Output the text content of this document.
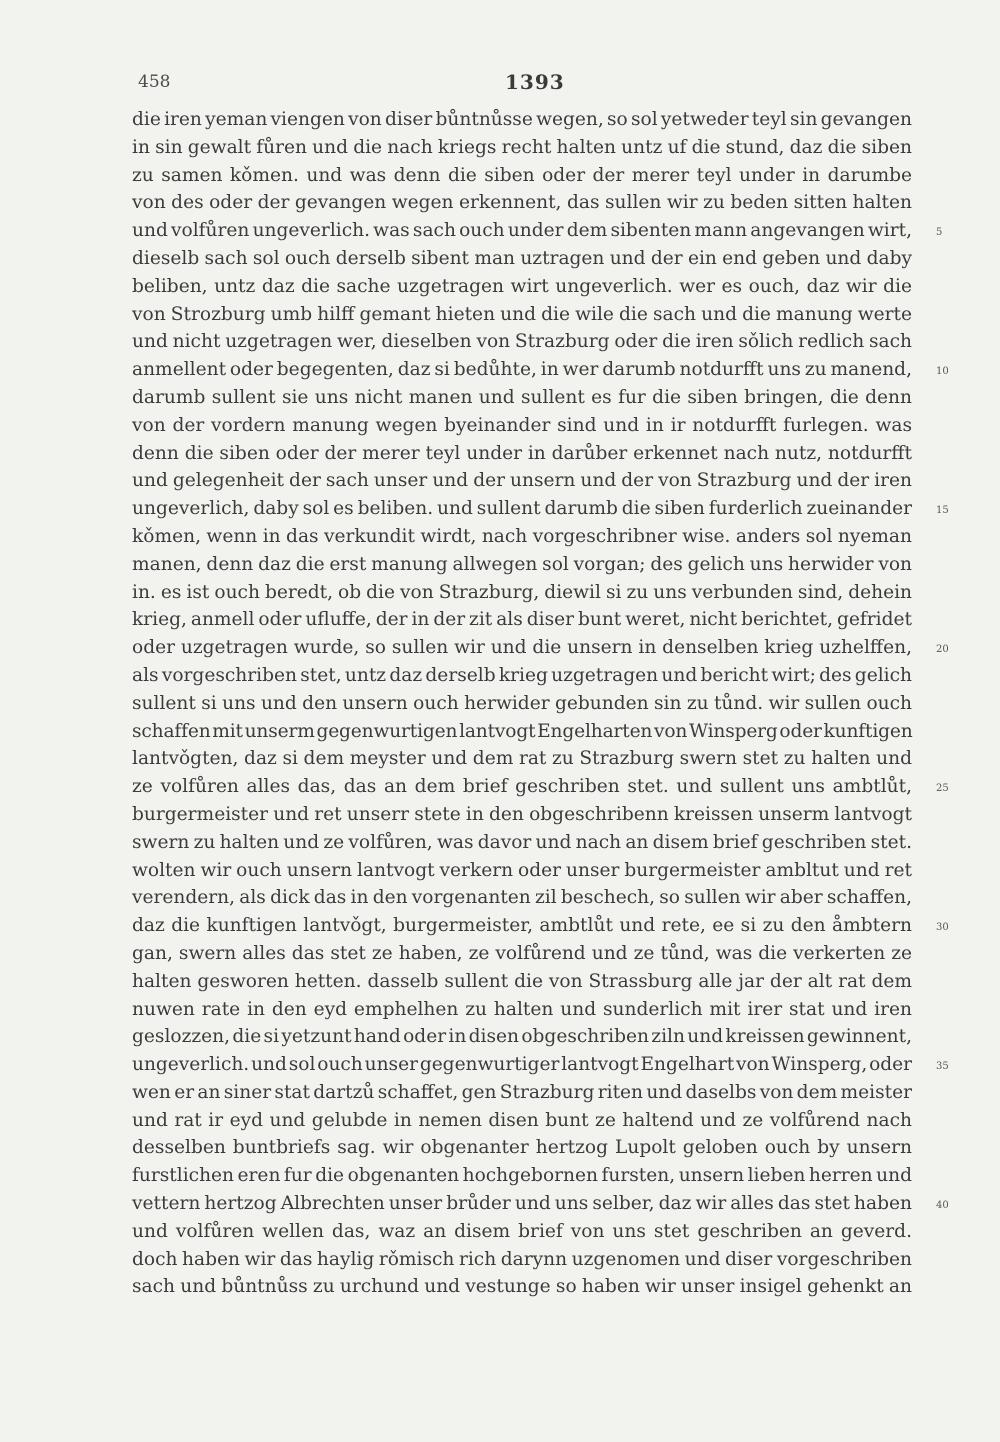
458	1393
die iren yeman viengen von diser bůntnůsse wegen, so sol yetweder teyl sin gevangen
in sin gewalt fůren und die nach kriegs recht halten untz uf die stund, daz die siben
zu samen kǒmen. und was denn die siben oder der merer teyl under in darumbe
von des oder der gevangen wegen erkennent, das sullen wir zu beden sitten halten
und volfůren ungeverlich. was sach ouch under dem sibenten mann angevangen wirt, 5
dieselb sach sol ouch derselb sibent man uztragen und der ein end geben und daby
beliben, untz daz die sache uzgetragen wirt ungeverlich. wer es ouch, daz wir die
von Strozburg umb hilff gemant hieten und die wile die sach und die manung werte
und nicht uzgetragen wer, dieselben von Strazburg oder die iren sǒlich redlich sach
anmellent oder begegenten, daz si bedůhte, in wer darumb notdurfft uns zu manend, 10
darumb sullent sie uns nicht manen und sullent es fur die siben bringen, die denn
von der vordern manung wegen byeinander sind und in ir notdurfft furlegen. was
denn die siben oder der merer teyl under in darůber erkennet nach nutz, notdurfft
und gelegenheit der sach unser und der unsern und der von Strazburg und der iren
ungeverlich, daby sol es beliben. und sullent darumb die siben furderlich zueinander 15
kǒmen, wenn in das verkundit wirdt, nach vorgeschribner wise. anders sol nyeman
manen, denn daz die erst manung allwegen sol vorgan; des gelich uns herwider von
in. es ist ouch beredt, ob die von Strazburg, diewil si zu uns verbunden sind, dehein
krieg, anmell oder ufluffe, der in der zit als diser bunt weret, nicht berichtet, gefridet
oder uzgetragen wurde, so sullen wir und die unsern in denselben krieg uzhelffen, 20
als vorgeschriben stet, untz daz derselb krieg uzgetragen und bericht wirt; des gelich
sullent si uns und den unsern ouch herwider gebunden sin zu tůnd. wir sullen ouch
schaffen mit unserm gegenwurtigen lantvogt Engelharten von Winsperg oder kunftigen
lantvǒgten, daz si dem meyster und dem rat zu Strazburg swern stet zu halten und
ze volfůren alles das, das an dem brief geschriben stet. und sullent uns ambtlůt, 25
burgermeister und ret unserr stete in den obgeschribenn kreissen unserm lantvogt
swern zu halten und ze volfůren, was davor und nach an disem brief geschriben stet.
wolten wir ouch unsern lantvogt verkern oder unser burgermeister ambltut und ret
verendern, als dick das in den vorgenanten zil beschech, so sullen wir aber schaffen,
daz die kunftigen lantvǒgt, burgermeister, ambtlůt und rete, ee si zu den åmbtern 30
gan, swern alles das stet ze haben, ze volfůrend und ze tůnd, was die verkerten ze
halten gesworen hetten. dasselb sullent die von Strassburg alle jar der alt rat dem
nuwen rate in den eyd emphelhen zu halten und sunderlich mit irer stat und iren
geslozzen, die si yetzunt hand oder in disen obgeschriben ziln und kreissen gewinnent,
ungeverlich. und sol ouch unser gegenwurtiger lantvogt Engelhart von Winsperg, oder 35
wen er an siner stat dartzů schaffet, gen Strazburg riten und daselbs von dem meister
und rat ir eyd und gelubde in nemen disen bunt ze haltend und ze volfůrend nach
desselben buntbriefs sag. wir obgenanter hertzog Lupolt geloben ouch by unsern
furstlichen eren fur die obgenanten hochgebornen fursten, unsern lieben herren und
vettern hertzog Albrechten unser brůder und uns selber, daz wir alles das stet haben 40
und volfůren wellen das, waz an disem brief von uns stet geschriben an geverd.
doch haben wir das haylig rǒmisch rich darynn uzgenomen und diser vorgeschriben
sach und bůntnůss zu urchund und vestunge so haben wir unser insigel gehenkt an
